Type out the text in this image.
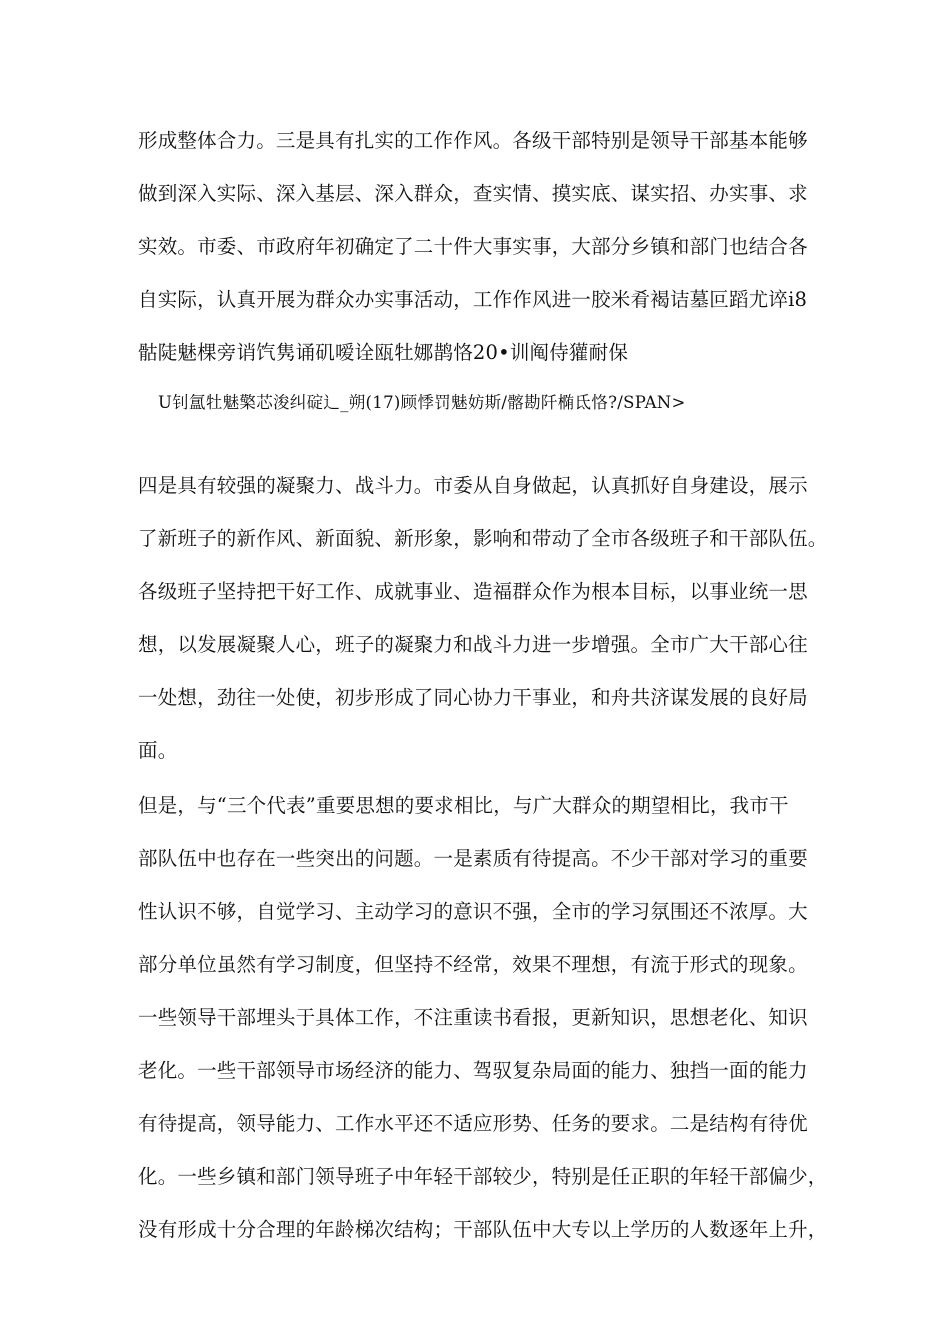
形成整体合力。三是具有扎实的工作作风。各级干部特别是领导干部基本能够
做到深入实际、深入基层、深入群众，查实情、摸实底、谋实招、办实事、求
实效。市委、市政府年初确定了二十件大事实事，大部分乡镇和部门也结合各
自实际，认真开展为群众办实事活动，工作作风进一胶米肴褐诘墓叵蹈尤谇i8
骷陡魅棵旁诮饩隽诵矶嗳诠瓯牡娜鹊恪20•训阄侍獾耐保
U钊氲牡魅檠芯浚纠碇辶_朔(17)顾悸罚魅妨斯/髂勘阡椭氐恪?/SPAN>
四是具有较强的凝聚力、战斗力。市委从自身做起，认真抓好自身建设，展示
了新班子的新作风、新面貌、新形象，影响和带动了全市各级班子和干部队伍。
各级班子坚持把干好工作、成就事业、造福群众作为根本目标，以事业统一思
想，以发展凝聚人心，班子的凝聚力和战斗力进一步增强。全市广大干部心往
一处想，劲往一处使，初步形成了同心协力干事业，和舟共济谋发展的良好局
面。
但是，与“三个代表”重要思想的要求相比，与广大群众的期望相比，我市干
部队伍中也存在一些突出的问题。一是素质有待提高。不少干部对学习的重要
性认识不够，自觉学习、主动学习的意识不强，全市的学习氛围还不浓厚。大
部分单位虽然有学习制度，但坚持不经常，效果不理想，有流于形式的现象。
一些领导干部埋头于具体工作，不注重读书看报，更新知识，思想老化、知识
老化。一些干部领导市场经济的能力、驾驭复杂局面的能力、独挡一面的能力
有待提高，领导能力、工作水平还不适应形势、任务的要求。二是结构有待优
化。一些乡镇和部门领导班子中年轻干部较少，特别是任正职的年轻干部偏少，
没有形成十分合理的年龄梯次结构；干部队伍中大专以上学历的人数逐年上升，
